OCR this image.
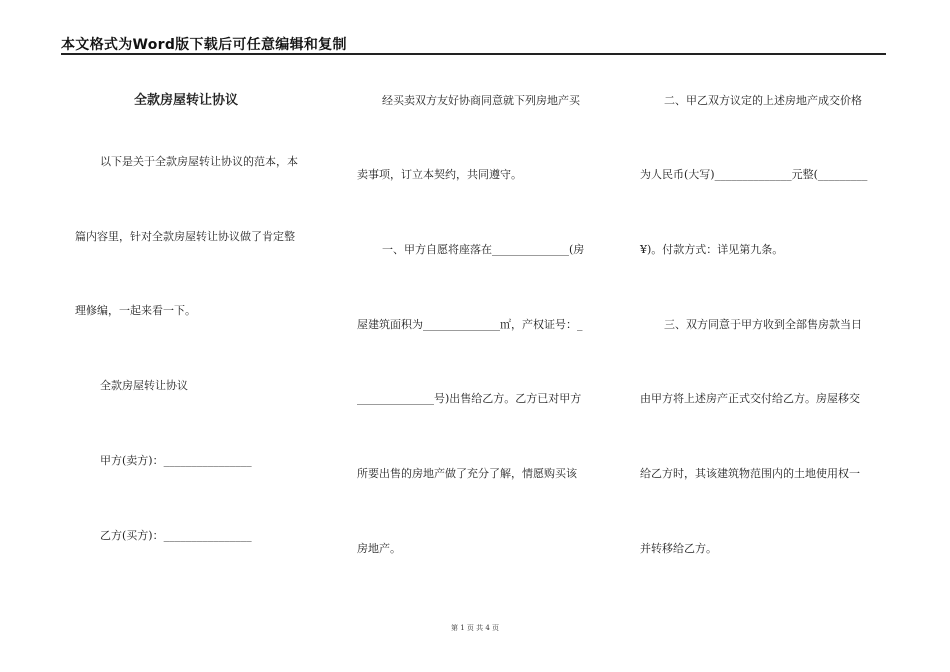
本文格式为Word版下载后可任意编辑和复制
全款房屋转让协议
以下是关于全款房屋转让协议的范本，本
篇内容里，针对全款房屋转让协议做了肯定整
理修编，一起来看一下。
全款房屋转让协议
甲方(卖方)：________________
乙方(买方)：________________
经买卖双方友好协商同意就下列房地产买
卖事项，订立本契约，共同遵守。
一、甲方自愿将座落在______________(房
屋建筑面积为______________㎡，产权证号：_
______________号)出售给乙方。乙方已对甲方
所要出售的房地产做了充分了解，情愿购买该
房地产。
二、甲乙双方议定的上述房地产成交价格
为人民币(大写)______________元整(_________
¥)。付款方式：详见第九条。
三、双方同意于甲方收到全部售房款当日
由甲方将上述房产正式交付给乙方。房屋移交
给乙方时，其该建筑物范围内的土地使用权一
并转移给乙方。
第 1 页 共 4 页
